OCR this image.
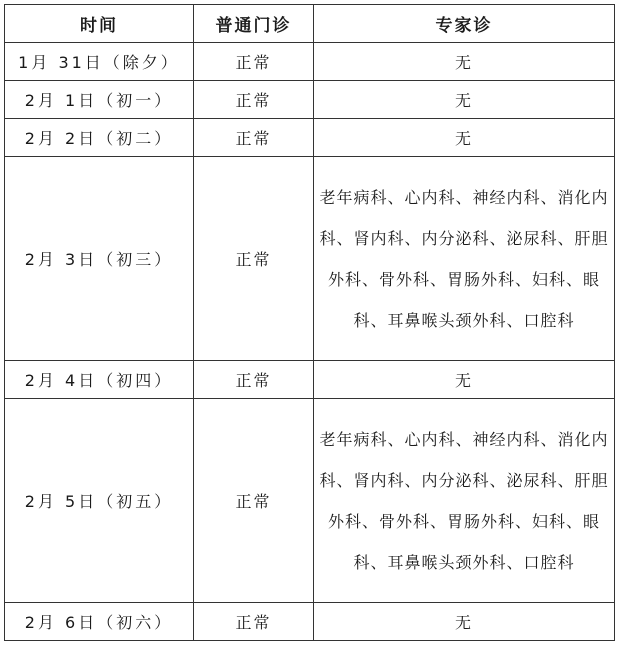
时间	普通门诊	专家诊
1月 31日（除夕）	正常	无
2月 1日（初一）	正常	无
2月 2日（初二）	正常	无
2月 3日（初三）	正常	老年病科、心内科、神经内科、消化内科、肾内科、内分泌科、泌尿科、肝胆外科、骨外科、胃肠外科、妇科、眼科、耳鼻喉头颈外科、口腔科
2月 4日（初四）	正常	无
2月 5日（初五）	正常	老年病科、心内科、神经内科、消化内科、肾内科、内分泌科、泌尿科、肝胆外科、骨外科、胃肠外科、妇科、眼科、耳鼻喉头颈外科、口腔科
2月 6日（初六）	正常	无
